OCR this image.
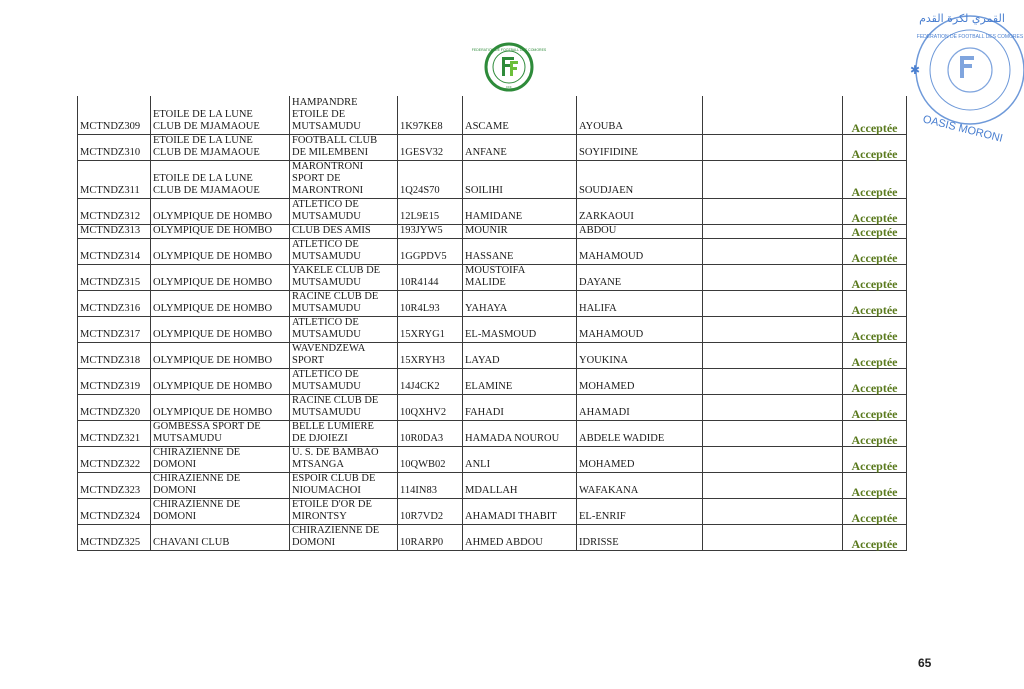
FEDERATION DE FOOTBALL DES COMORES
FFF
القمري لكرة القدم
FEDERATION DE FOOTBALL DES COMORES
OASIS MORONI
✱
MCTNDZ309	ETOILE DE LA LUNE
CLUB DE MJAMAOUE	HAMPANDRE
ETOILE DE
MUTSAMUDU	1K97KE8	ASCAME	AYOUBA		Acceptée
MCTNDZ310	ETOILE DE LA LUNE
CLUB DE MJAMAOUE	FOOTBALL CLUB
DE MILEMBENI	1GESV32	ANFANE	SOYIFIDINE		Acceptée
MCTNDZ311	ETOILE DE LA LUNE
CLUB DE MJAMAOUE	MARONTRONI
SPORT DE
MARONTRONI	1Q24S70	SOILIHI	SOUDJAEN		Acceptée
MCTNDZ312	OLYMPIQUE DE HOMBO	ATLETICO DE
MUTSAMUDU	12L9E15	HAMIDANE	ZARKAOUI		Acceptée
MCTNDZ313	OLYMPIQUE DE HOMBO	CLUB DES AMIS	193JYW5	MOUNIR	ABDOU		Acceptée
MCTNDZ314	OLYMPIQUE DE HOMBO	ATLETICO DE
MUTSAMUDU	1GGPDV5	HASSANE	MAHAMOUD		Acceptée
MCTNDZ315	OLYMPIQUE DE HOMBO	YAKELE CLUB DE
MUTSAMUDU	10R4144	MOUSTOIFA
MALIDE	DAYANE		Acceptée
MCTNDZ316	OLYMPIQUE DE HOMBO	RACINE CLUB DE
MUTSAMUDU	10R4L93	YAHAYA	HALIFA		Acceptée
MCTNDZ317	OLYMPIQUE DE HOMBO	ATLETICO DE
MUTSAMUDU	15XRYG1	EL-MASMOUD	MAHAMOUD		Acceptée
MCTNDZ318	OLYMPIQUE DE HOMBO	WAVENDZEWA
SPORT	15XRYH3	LAYAD	YOUKINA		Acceptée
MCTNDZ319	OLYMPIQUE DE HOMBO	ATLETICO DE
MUTSAMUDU	14J4CK2	ELAMINE	MOHAMED		Acceptée
MCTNDZ320	OLYMPIQUE DE HOMBO	RACINE CLUB DE
MUTSAMUDU	10QXHV2	FAHADI	AHAMADI		Acceptée
MCTNDZ321	GOMBESSA SPORT DE
MUTSAMUDU	BELLE LUMIERE
DE DJOIEZI	10R0DA3	HAMADA NOUROU	ABDELE WADIDE		Acceptée
MCTNDZ322	CHIRAZIENNE DE
DOMONI	U. S. DE BAMBAO
MTSANGA	10QWB02	ANLI	MOHAMED		Acceptée
MCTNDZ323	CHIRAZIENNE DE
DOMONI	ESPOIR CLUB DE
NIOUMACHOI	114IN83	MDALLAH	WAFAKANA		Acceptée
MCTNDZ324	CHIRAZIENNE DE
DOMONI	ETOILE D'OR DE
MIRONTSY	10R7VD2	AHAMADI THABIT	EL-ENRIF		Acceptée
MCTNDZ325	CHAVANI CLUB	CHIRAZIENNE DE
DOMONI	10RARP0	AHMED ABDOU	IDRISSE		Acceptée
65
